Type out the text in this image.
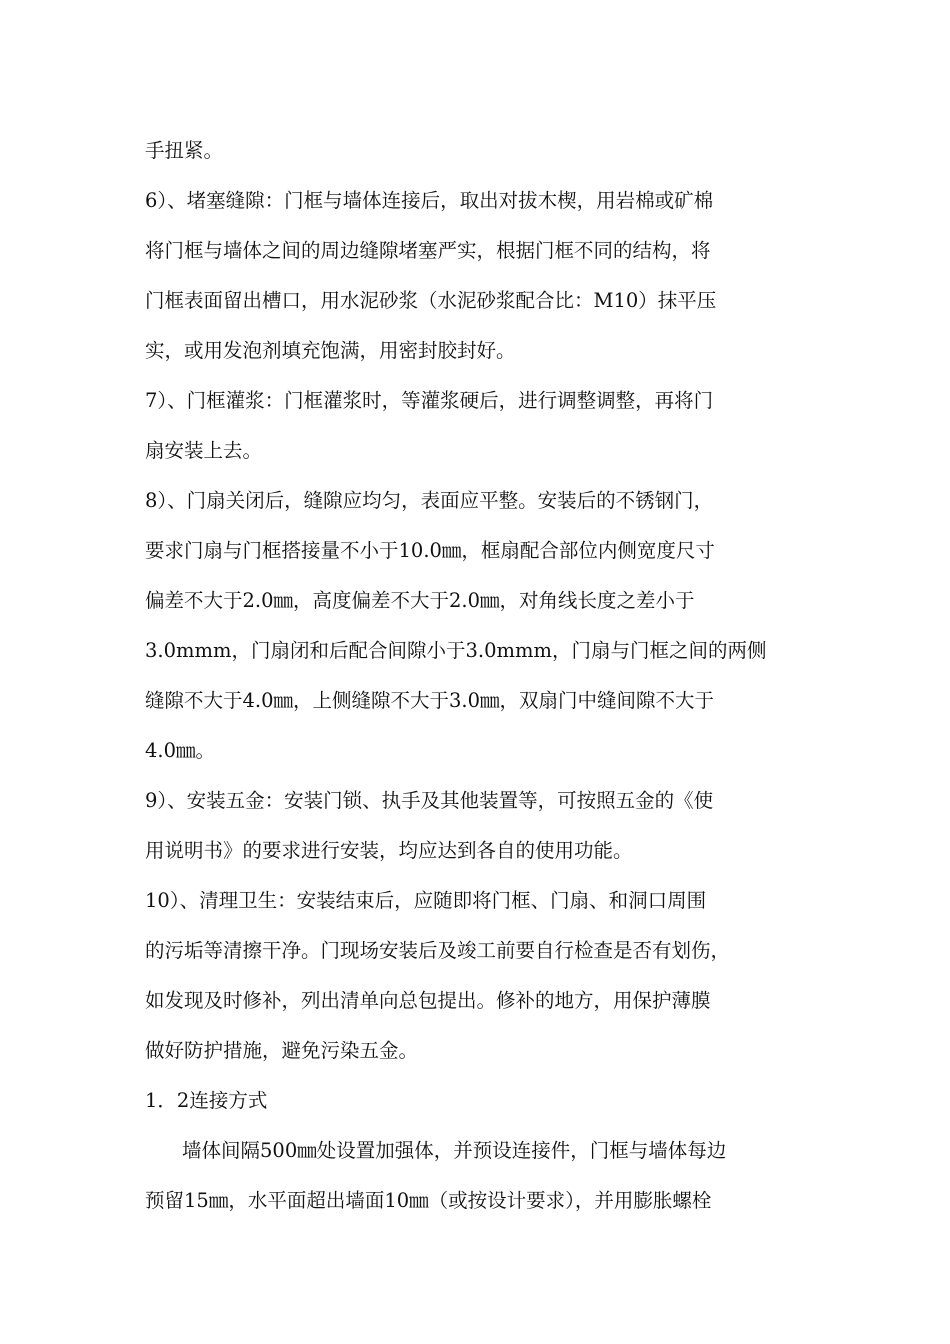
手扭紧。
6）、堵塞缝隙：门框与墙体连接后，取出对拔木楔，用岩棉或矿棉
将门框与墙体之间的周边缝隙堵塞严实，根据门框不同的结构，将
门框表面留出槽口，用水泥砂浆（水泥砂浆配合比：M10）抹平压
实，或用发泡剂填充饱满，用密封胶封好。
7）、门框灌浆：门框灌浆时，等灌浆硬后，进行调整调整，再将门
扇安装上去。
8）、门扇关闭后，缝隙应均匀，表面应平整。安装后的不锈钢门，
要求门扇与门框搭接量不小于10.0㎜，框扇配合部位内侧宽度尺寸
偏差不大于2.0㎜，高度偏差不大于2.0㎜，对角线长度之差小于
3.0mmm，门扇闭和后配合间隙小于3.0mmm，门扇与门框之间的两侧
缝隙不大于4.0㎜，上侧缝隙不大于3.0㎜，双扇门中缝间隙不大于
4.0㎜。
9）、安装五金：安装门锁、执手及其他装置等，可按照五金的《使
用说明书》的要求进行安装，均应达到各自的使用功能。
10）、清理卫生：安装结束后，应随即将门框、门扇、和洞口周围
的污垢等清擦干净。门现场安装后及竣工前要自行检查是否有划伤，
如发现及时修补，列出清单向总包提出。修补的地方，用保护薄膜
做好防护措施，避免污染五金。
1．2连接方式
墙体间隔500㎜处设置加强体，并预设连接件，门框与墙体每边
预留15㎜，水平面超出墙面10㎜（或按设计要求），并用膨胀螺栓
